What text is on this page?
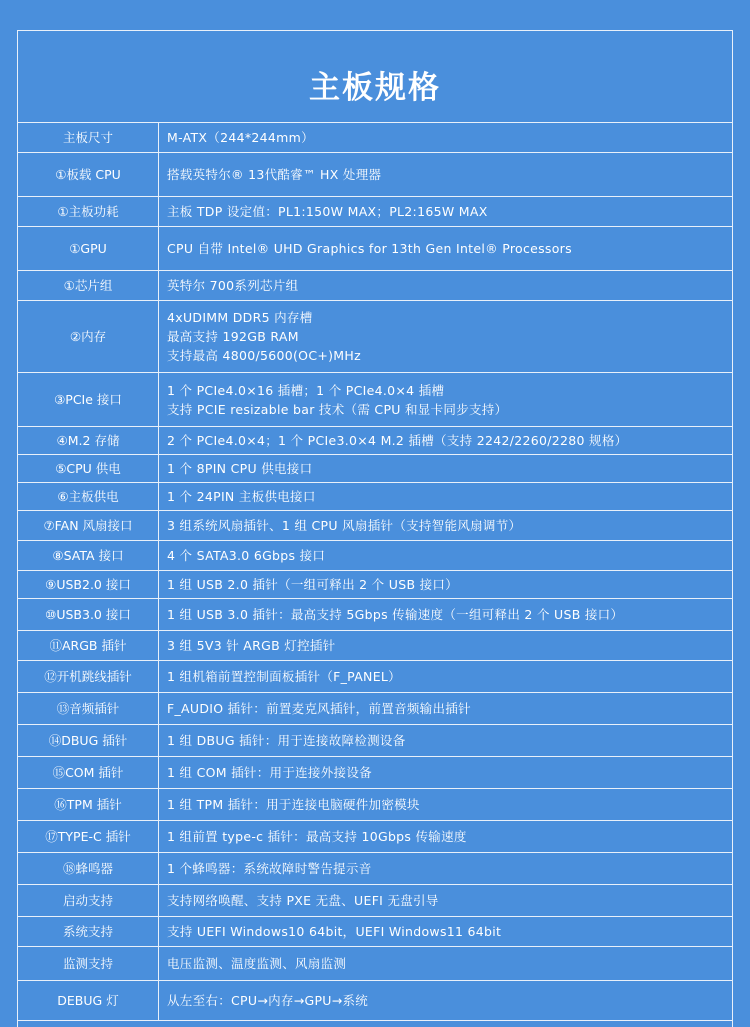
主板规格
主板尺寸	M-ATX（244*244mm）

①板载 CPU	搭载英特尔® 13代酷睿™ HX 处理器

①主板功耗	主板 TDP 设定值：PL1:150W MAX；PL2:165W MAX

①GPU	CPU 自带 Intel® UHD Graphics for 13th Gen Intel® Processors

①芯片组	英特尔 700系列芯片组

②内存	4xUDIMM DDR5 内存槽
最高支持 192GB RAM
支持最高 4800/5600(OC+)MHz

③PCIe 接口	1 个 PCIe4.0×16 插槽；1 个 PCIe4.0×4 插槽
支持 PCIE resizable bar 技术（需 CPU 和显卡同步支持）

④M.2 存储	2 个 PCIe4.0×4；1 个 PCIe3.0×4 M.2 插槽（支持 2242/2260/2280 规格）

⑤CPU 供电	1 个 8PIN CPU 供电接口

⑥主板供电	1 个 24PIN 主板供电接口

⑦FAN 风扇接口	3 组系统风扇插针、1 组 CPU 风扇插针（支持智能风扇调节）

⑧SATA 接口	4 个 SATA3.0 6Gbps 接口

⑨USB2.0 接口	1 组 USB 2.0 插针（一组可释出 2 个 USB 接口）

⑩USB3.0 接口	1 组 USB 3.0 插针：最高支持 5Gbps 传输速度（一组可释出 2 个 USB 接口）

⑪ARGB 插针	3 组 5V3 针 ARGB 灯控插针

⑫开机跳线插针	1 组机箱前置控制面板插针（F_PANEL）

⑬音频插针	F_AUDIO 插针：前置麦克风插针，前置音频输出插针

⑭DBUG 插针	1 组 DBUG 插针：用于连接故障检测设备

⑮COM 插针	1 组 COM 插针：用于连接外接设备

⑯TPM 插针	1 组 TPM 插针：用于连接电脑硬件加密模块

⑰TYPE-C 插针	1 组前置 type-c 插针：最高支持 10Gbps 传输速度

⑱蜂鸣器	1 个蜂鸣器：系统故障时警告提示音

启动支持	支持网络唤醒、支持 PXE 无盘、UEFI 无盘引导

系统支持	支持 UEFI Windows10 64bit，UEFI Windows11 64bit

监测支持	电压监测、温度监测、风扇监测

DEBUG 灯	从左至右：CPU→内存→GPU→系统
